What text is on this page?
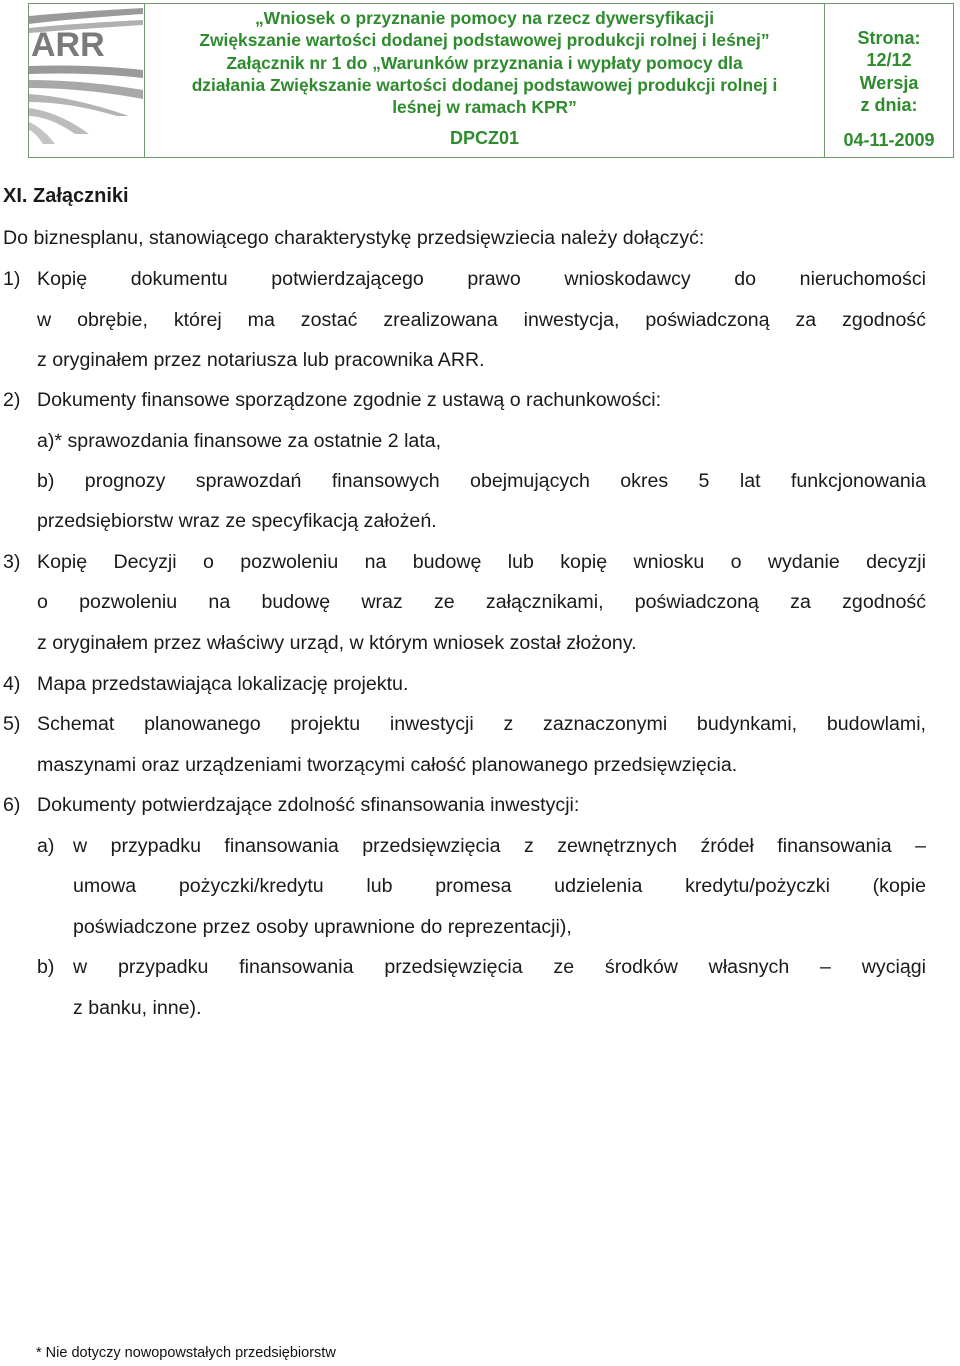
ARR
„Wniosek o przyznanie pomocy na rzecz dywersyfikacji
Zwiększanie wartości dodanej podstawowej produkcji rolnej i leśnej”
Załącznik nr 1 do „Warunków przyznania i wypłaty pomocy dla
działania Zwiększanie wartości dodanej podstawowej produkcji rolnej i
leśnej w ramach KPR”
DPCZ01
Strona:
12/12
Wersja
z dnia:
04-11-2009
XI. Załączniki
Do biznesplanu, stanowiącego charakterystykę przedsięwziecia należy dołączyć:
1) Kopię dokumentu potwierdzającego prawo wnioskodawcy do nieruchomości
w obrębie, której ma zostać zrealizowana inwestycja, poświadczoną za zgodność
z oryginałem przez notariusza lub pracownika ARR.
2) Dokumenty finansowe sporządzone zgodnie z ustawą o rachunkowości:
a)* sprawozdania finansowe za ostatnie 2 lata,
b) prognozy sprawozdań finansowych obejmujących okres 5 lat funkcjonowania
przedsiębiorstw wraz ze specyfikacją założeń.
3) Kopię Decyzji o pozwoleniu na budowę lub kopię wniosku o wydanie decyzji
o pozwoleniu na budowę wraz ze załącznikami, poświadczoną za zgodność
z oryginałem przez właściwy urząd, w którym wniosek został złożony.
4) Mapa przedstawiająca lokalizację projektu.
5) Schemat planowanego projektu inwestycji z zaznaczonymi budynkami, budowlami,
maszynami oraz urządzeniami tworzącymi całość planowanego przedsięwzięcia.
6) Dokumenty potwierdzające zdolność sfinansowania inwestycji:
a) w przypadku finansowania przedsięwzięcia z zewnętrznych źródeł finansowania –
umowa pożyczki/kredytu lub promesa udzielenia kredytu/pożyczki (kopie
poświadczone przez osoby uprawnione do reprezentacji),
b) w przypadku finansowania przedsięwzięcia ze środków własnych – wyciągi
z banku, inne).
* Nie dotyczy nowopowstałych przedsiębiorstw
